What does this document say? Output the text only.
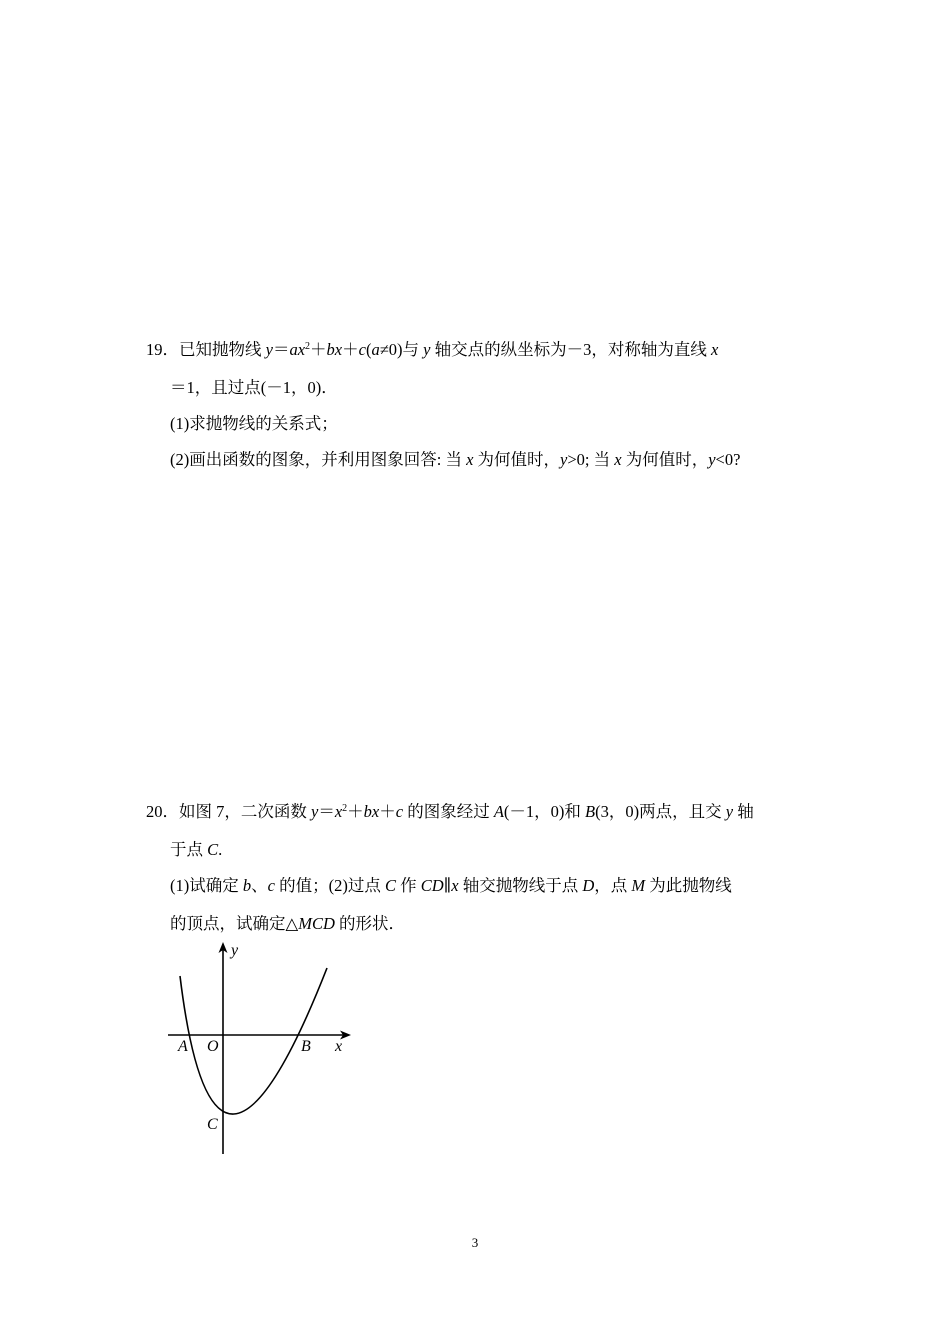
19．已知抛物线 $y=ax^2+bx+c(a\ne 0)$与 y 轴交点的纵坐标为－3，对称轴为直线 x
＝1，且过点(－1，0)．
(1)求抛物线的关系式；
(2)画出函数的图象，并利用图象回答: 当 x 为何值时，y>0; 当 x 为何值时，y<0?
20．如图 7，二次函数 $y=x^2+bx+c$ 的图象经过 A(－1，0)和 B(3，0)两点，且交 y 轴
于点 C.
(1)试确定 b、c 的值；(2)过点 C 作 CD∥x 轴交抛物线于点 D，点 M 为此抛物线
的顶点，试确定△MCD 的形状．
y
x
O
A	B
C
3
